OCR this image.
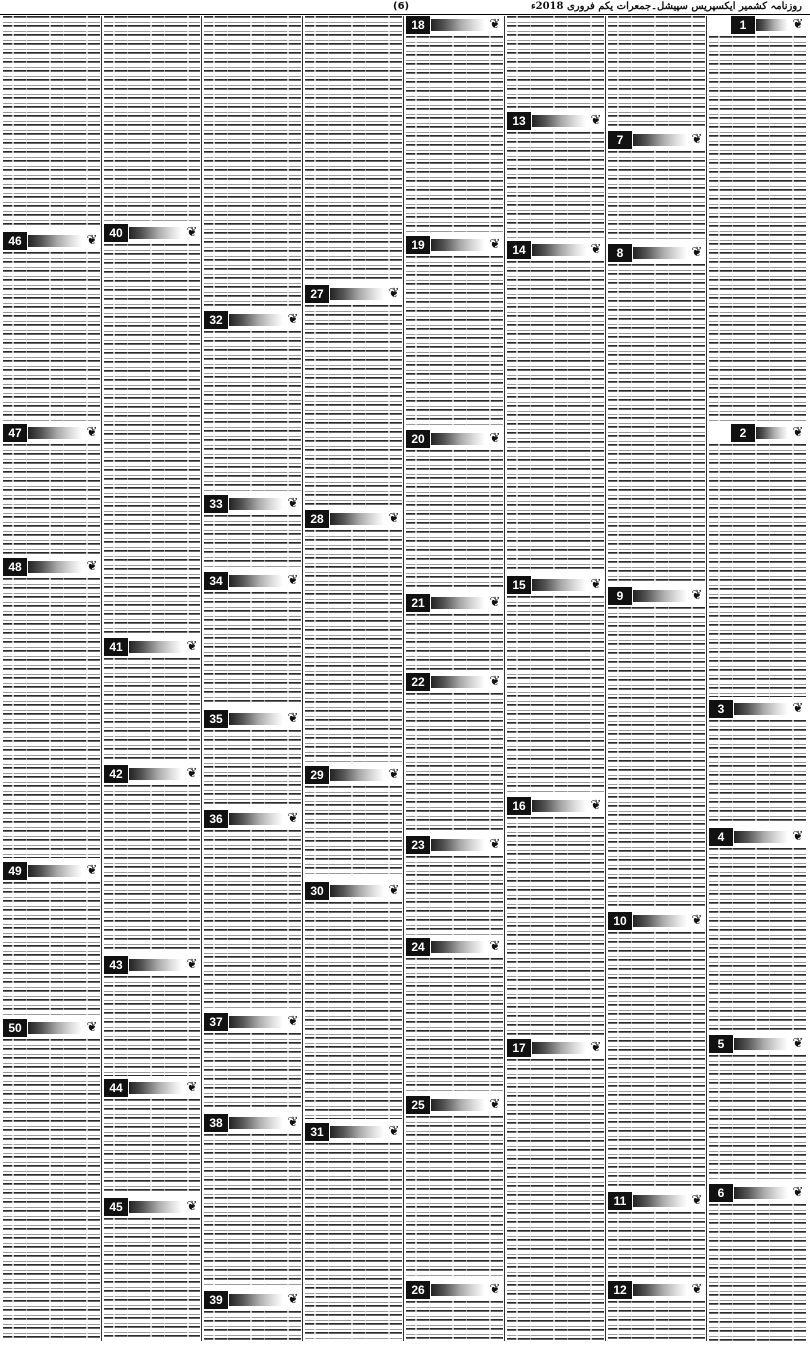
روزنامہ کشمیر ایکسپریس سپیشل۔جمعرات یکم فروری 2018ء
(6)
1	❦
2	❦
3	❦
4	❦
5	❦
6	❦
7	❦
8	❦
9	❦
10	❦
11	❦
12	❦
13	❦
14	❦
15	❦
16	❦
17	❦
18	❦
19	❦
20	❦
21	❦
22	❦
23	❦
24	❦
25	❦
26	❦
27	❦
28	❦
29	❦
30	❦
31	❦
32	❦
33	❦
34	❦
35	❦
36	❦
37	❦
38	❦
39	❦
40	❦
41	❦
42	❦
43	❦
44	❦
45	❦
46	❦
47	❦
48	❦
49	❦
50	❦
